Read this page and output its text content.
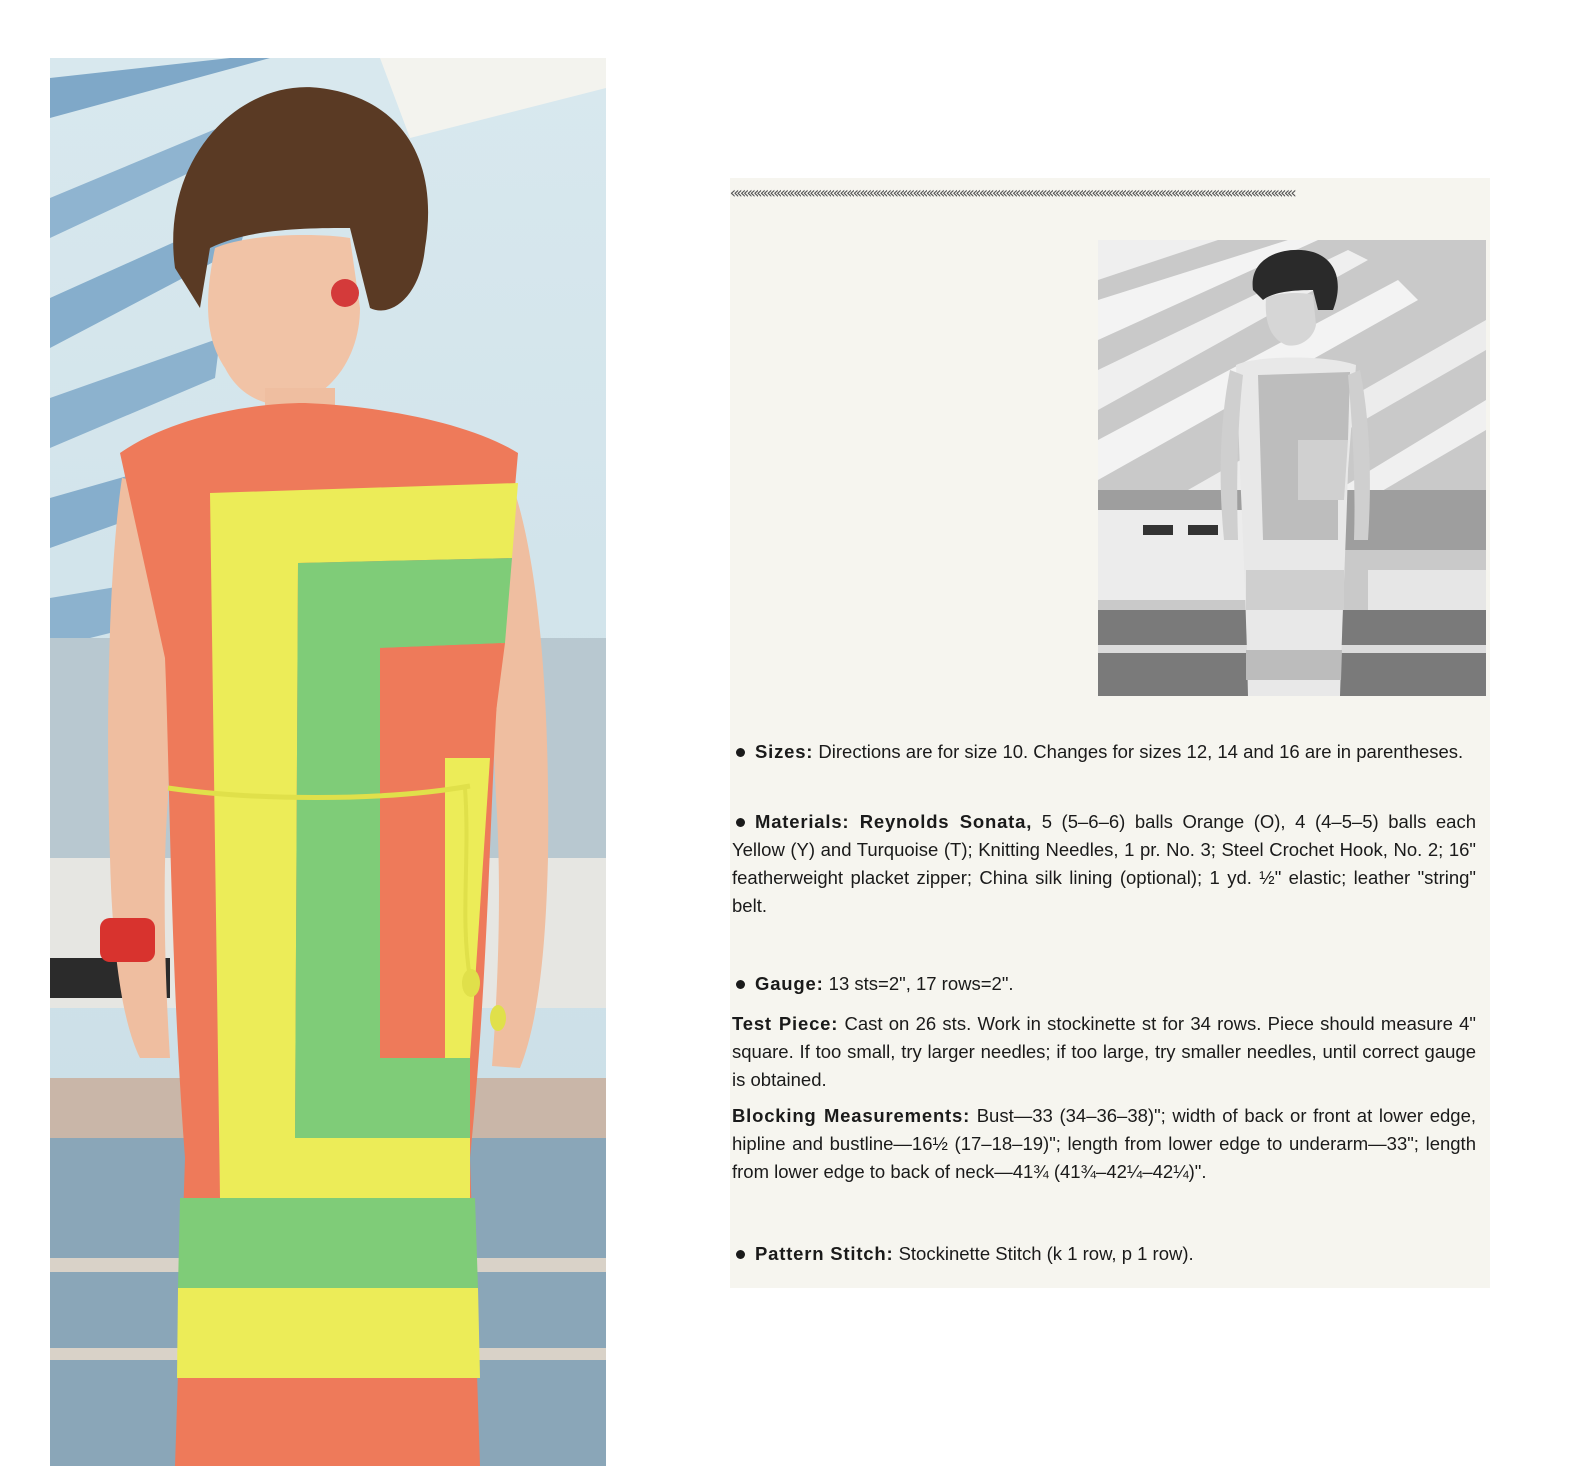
«««««««««««««««««««««««««««««««««««««««««««««««««««««««««««««««««««««««««««««««««««««

Sizes: Directions are for size 10. Changes for sizes 12, 14 and 16 are in parentheses.

Materials: Reynolds Sonata, 5 (5–6–6) balls Orange (O), 4 (4–5–5) balls each Yellow (Y) and Turquoise (T); Knitting Needles, 1 pr. No. 3; Steel Crochet Hook, No. 2; 16" featherweight placket zipper; China silk lining (optional); 1 yd. ½" elastic; leather "string" belt.

Gauge: 13 sts=2", 17 rows=2".

Test Piece: Cast on 26 sts. Work in stockinette st for 34 rows. Piece should measure 4" square. If too small, try larger needles; if too large, try smaller needles, until correct gauge is obtained.

Blocking Measurements: Bust—33 (34–36–38)"; width of back or front at lower edge, hipline and bustline—16½ (17–18–19)"; length from lower edge to underarm—33"; length from lower edge to back of neck—41¾ (41¾–42¼–42¼)".

Pattern Stitch: Stockinette Stitch (k 1 row, p 1 row).
